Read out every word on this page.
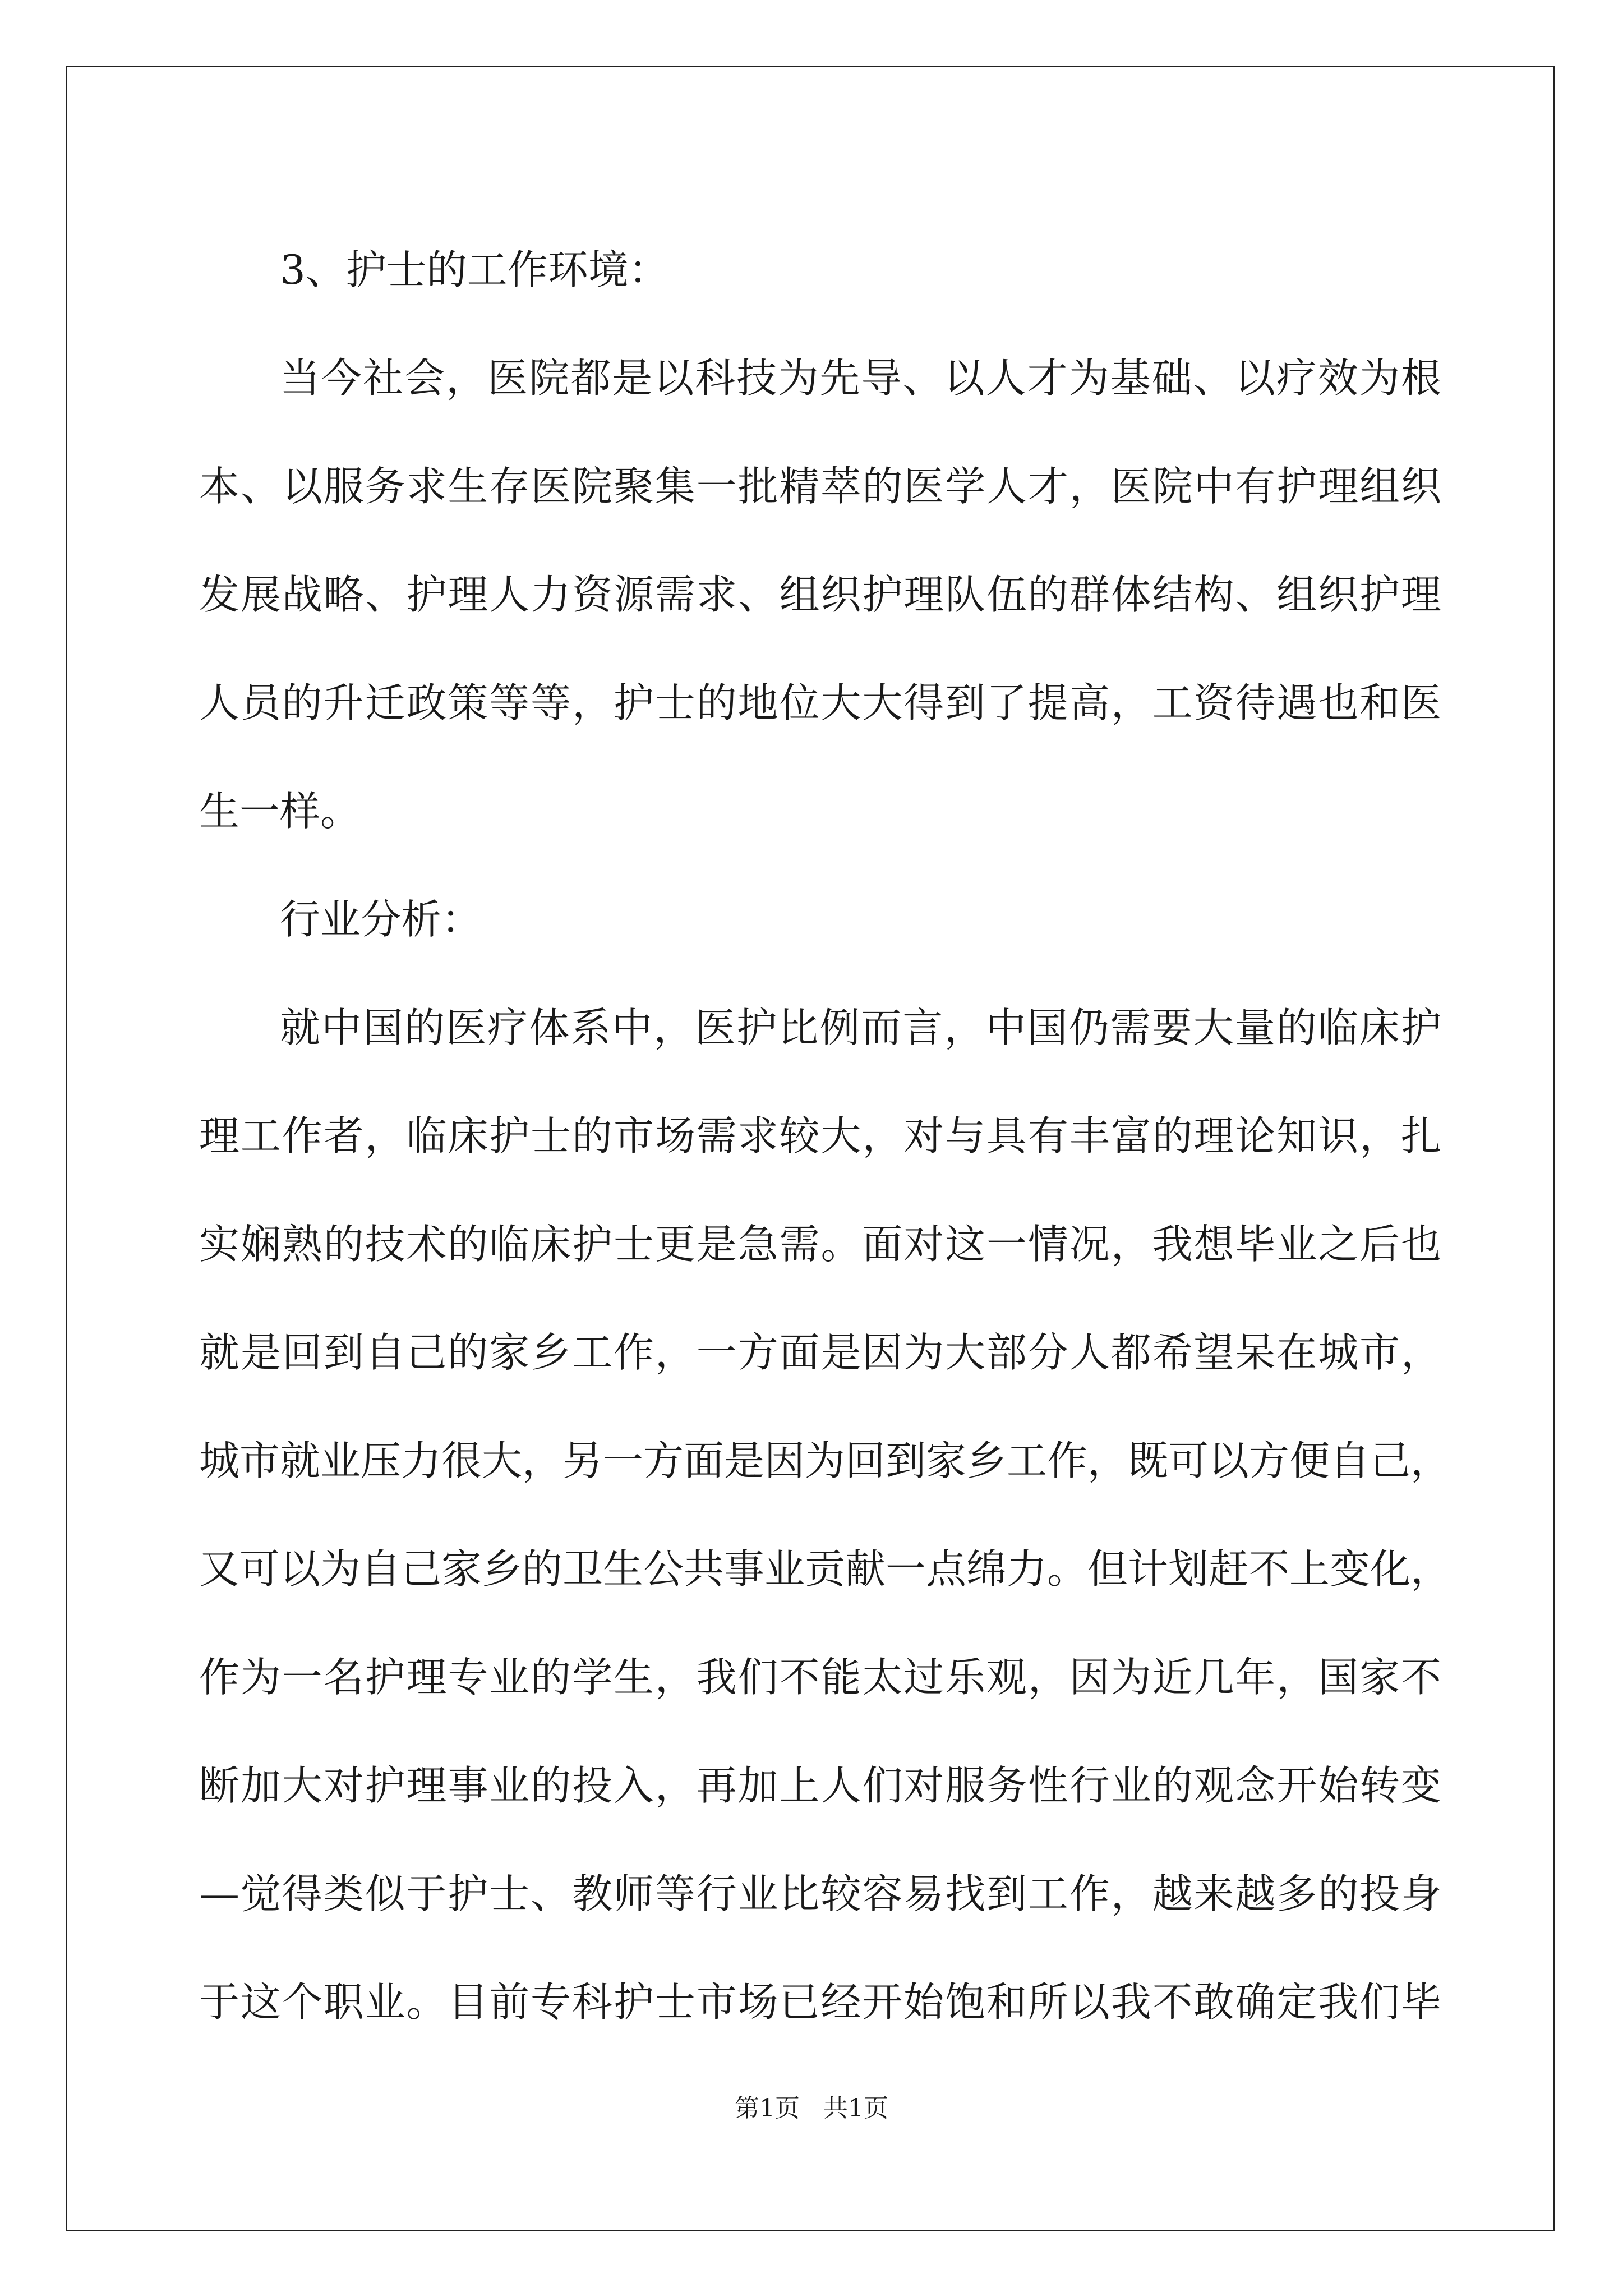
3、护士的工作环境：
当今社会，医院都是以科技为先导、以人才为基础、以疗效为根
本、以服务求生存医院聚集一批精萃的医学人才，医院中有护理组织
发展战略、护理人力资源需求、组织护理队伍的群体结构、组织护理
人员的升迁政策等等，护士的地位大大得到了提高，工资待遇也和医
生一样。
行业分析：
就中国的医疗体系中，医护比例而言，中国仍需要大量的临床护
理工作者，临床护士的市场需求较大，对与具有丰富的理论知识，扎
实娴熟的技术的临床护士更是急需。面对这一情况，我想毕业之后也
就是回到自己的家乡工作，一方面是因为大部分人都希望呆在城市，
城市就业压力很大，另一方面是因为回到家乡工作，既可以方便自己，
又可以为自己家乡的卫生公共事业贡献一点绵力。但计划赶不上变化，
作为一名护理专业的学生，我们不能太过乐观，因为近几年，国家不
断加大对护理事业的投入，再加上人们对服务性行业的观念开始转变
—觉得类似于护士、教师等行业比较容易找到工作，越来越多的投身
于这个职业。目前专科护士市场已经开始饱和所以我不敢确定我们毕
第1页   共1页
